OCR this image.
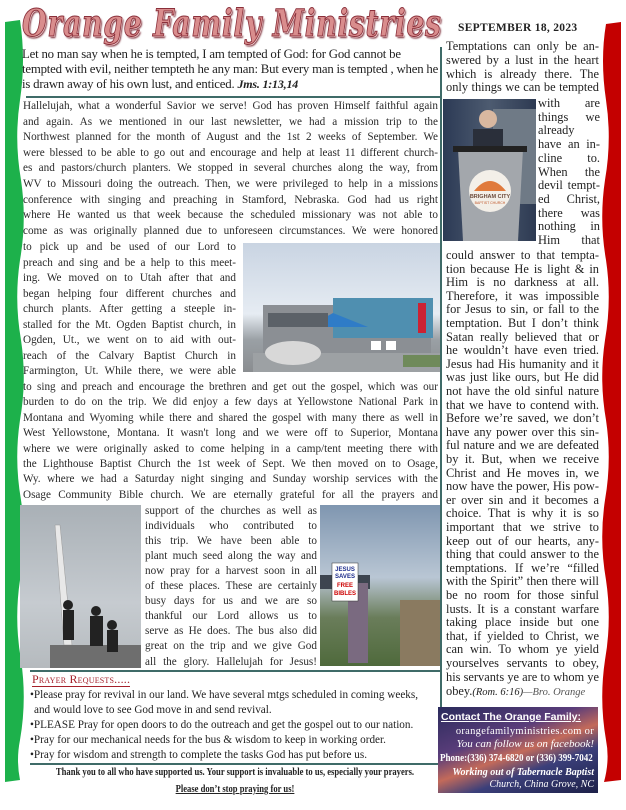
Orange Family Ministries SEPTEMBER 18, 2023
Let no man say when he is tempted, I am tempted of God: for God cannot be tempted with evil, neither tempteth he any man: But every man is tempted , when he is drawn away of his own lust, and enticed. Jms. 1:13,14
Hallelujah, what a wonderful Savior we serve! God has proven Himself faithful again
and again. As we mentioned in our last newsletter, we had a mission trip to the
Northwest planned for the month of August and the 1st 2 weeks of September. We
were blessed to be able to go out and encourage and help at least 11 different church-
es and pastors/church planters. We stopped in several churches along the way, from
WV to Missouri doing the outreach. Then, we were privileged to help in a missions
conference with singing and preaching in Stamford, Nebraska. God had us right
where He wanted us that week because the scheduled missionary was not able to
come as was originally planned due to unforeseen circumstances. We were honored
to pick up and be used of our Lord to
preach and sing and be a help to this meet-
ing. We moved on to Utah after that and
began helping four different churches and
church plants. After getting a steeple in-
stalled for the Mt. Ogden Baptist church, in
Ogden, Ut., we went on to aid with out-
reach of the Calvary Baptist Church in
Farmington, Ut. While there, we were able
to sing and preach and encourage the brethren and get out the gospel, which was our
burden to do on the trip. We did enjoy a few days at Yellowstone National Park in
Montana and Wyoming while there and shared the gospel with many there as well in
West Yellowstone, Montana. It wasn't long and we were off to Superior, Montana
where we were originally asked to come helping in a camp/tent meeting there with
the Lighthouse Baptist Church the 1st week of Sept. We then moved on to Osage,
Wy. where we had a Saturday night singing and Sunday worship services with the
Osage Community Bible church. We are eternally grateful for all the prayers and
support of the churches as well as
individuals who contributed to
this trip. We have been able to
plant much seed along the way and
now pray for a harvest soon in all
of these places. These are certainly
busy days for us and we are so
thankful our Lord allows us to
serve as He does. The bus also did
great on the trip and we give God
all the glory. Hallelujah for Jesus!
Temptations can only be an-
swered by a lust in the heart
which is already there. The
only things we can be tempted
with are
things we
already
have an in-
cline to.
When the
devil tempt-
ed Christ,
there was
nothing in
Him that
could answer to that tempta-
tion because He is light & in
Him is no darkness at all.
Therefore, it was impossible
for Jesus to sin, or fall to the
temptation. But I don’t think
Satan really believed that or
he wouldn’t have even tried.
Jesus had His humanity and it
was just like ours, but He did
not have the old sinful nature
that we have to contend with.
Before we’re saved, we don’t
have any power over this sin-
ful nature and we are defeated
by it. But, when we receive
Christ and He moves in, we
now have the power, His pow-
er over sin and it becomes a
choice. That is why it is so
important that we strive to
keep out of our hearts, any-
thing that could answer to the
temptations. If we’re “filled
with the Spirit” then there will
be no room for those sinful
lusts. It is a constant warfare
taking place inside but one
that, if yielded to Christ, we
can win. To whom ye yield
yourselves servants to obey,
his servants ye are to whom ye
obey.(Rom. 6:16)—Bro. Orange
BRIGHAM CITY
BAPTIST CHURCH
JESUS
SAVES
FREE
BIBLES
Prayer Requests.....
•Please pray for revival in our land. We have several mtgs scheduled in coming weeks,
and would love to see God move in and send revival.
•PLEASE Pray for open doors to do the outreach and get the gospel out to our nation.
•Pray for our mechanical needs for the bus & wisdom to keep in working order.
•Pray for wisdom and strength to complete the tasks God has put before us.
Thank you to all who have supported us. Your support is invaluable to us, especially your prayers.
Please don’t stop praying for us!
Contact The Orange Family:
orangefamilyministries.com or
You can follow us on facebook!
Phone:(336) 374-6820 or (336) 399-7042
Working out of Tabernacle Baptist
Church, China Grove, NC
